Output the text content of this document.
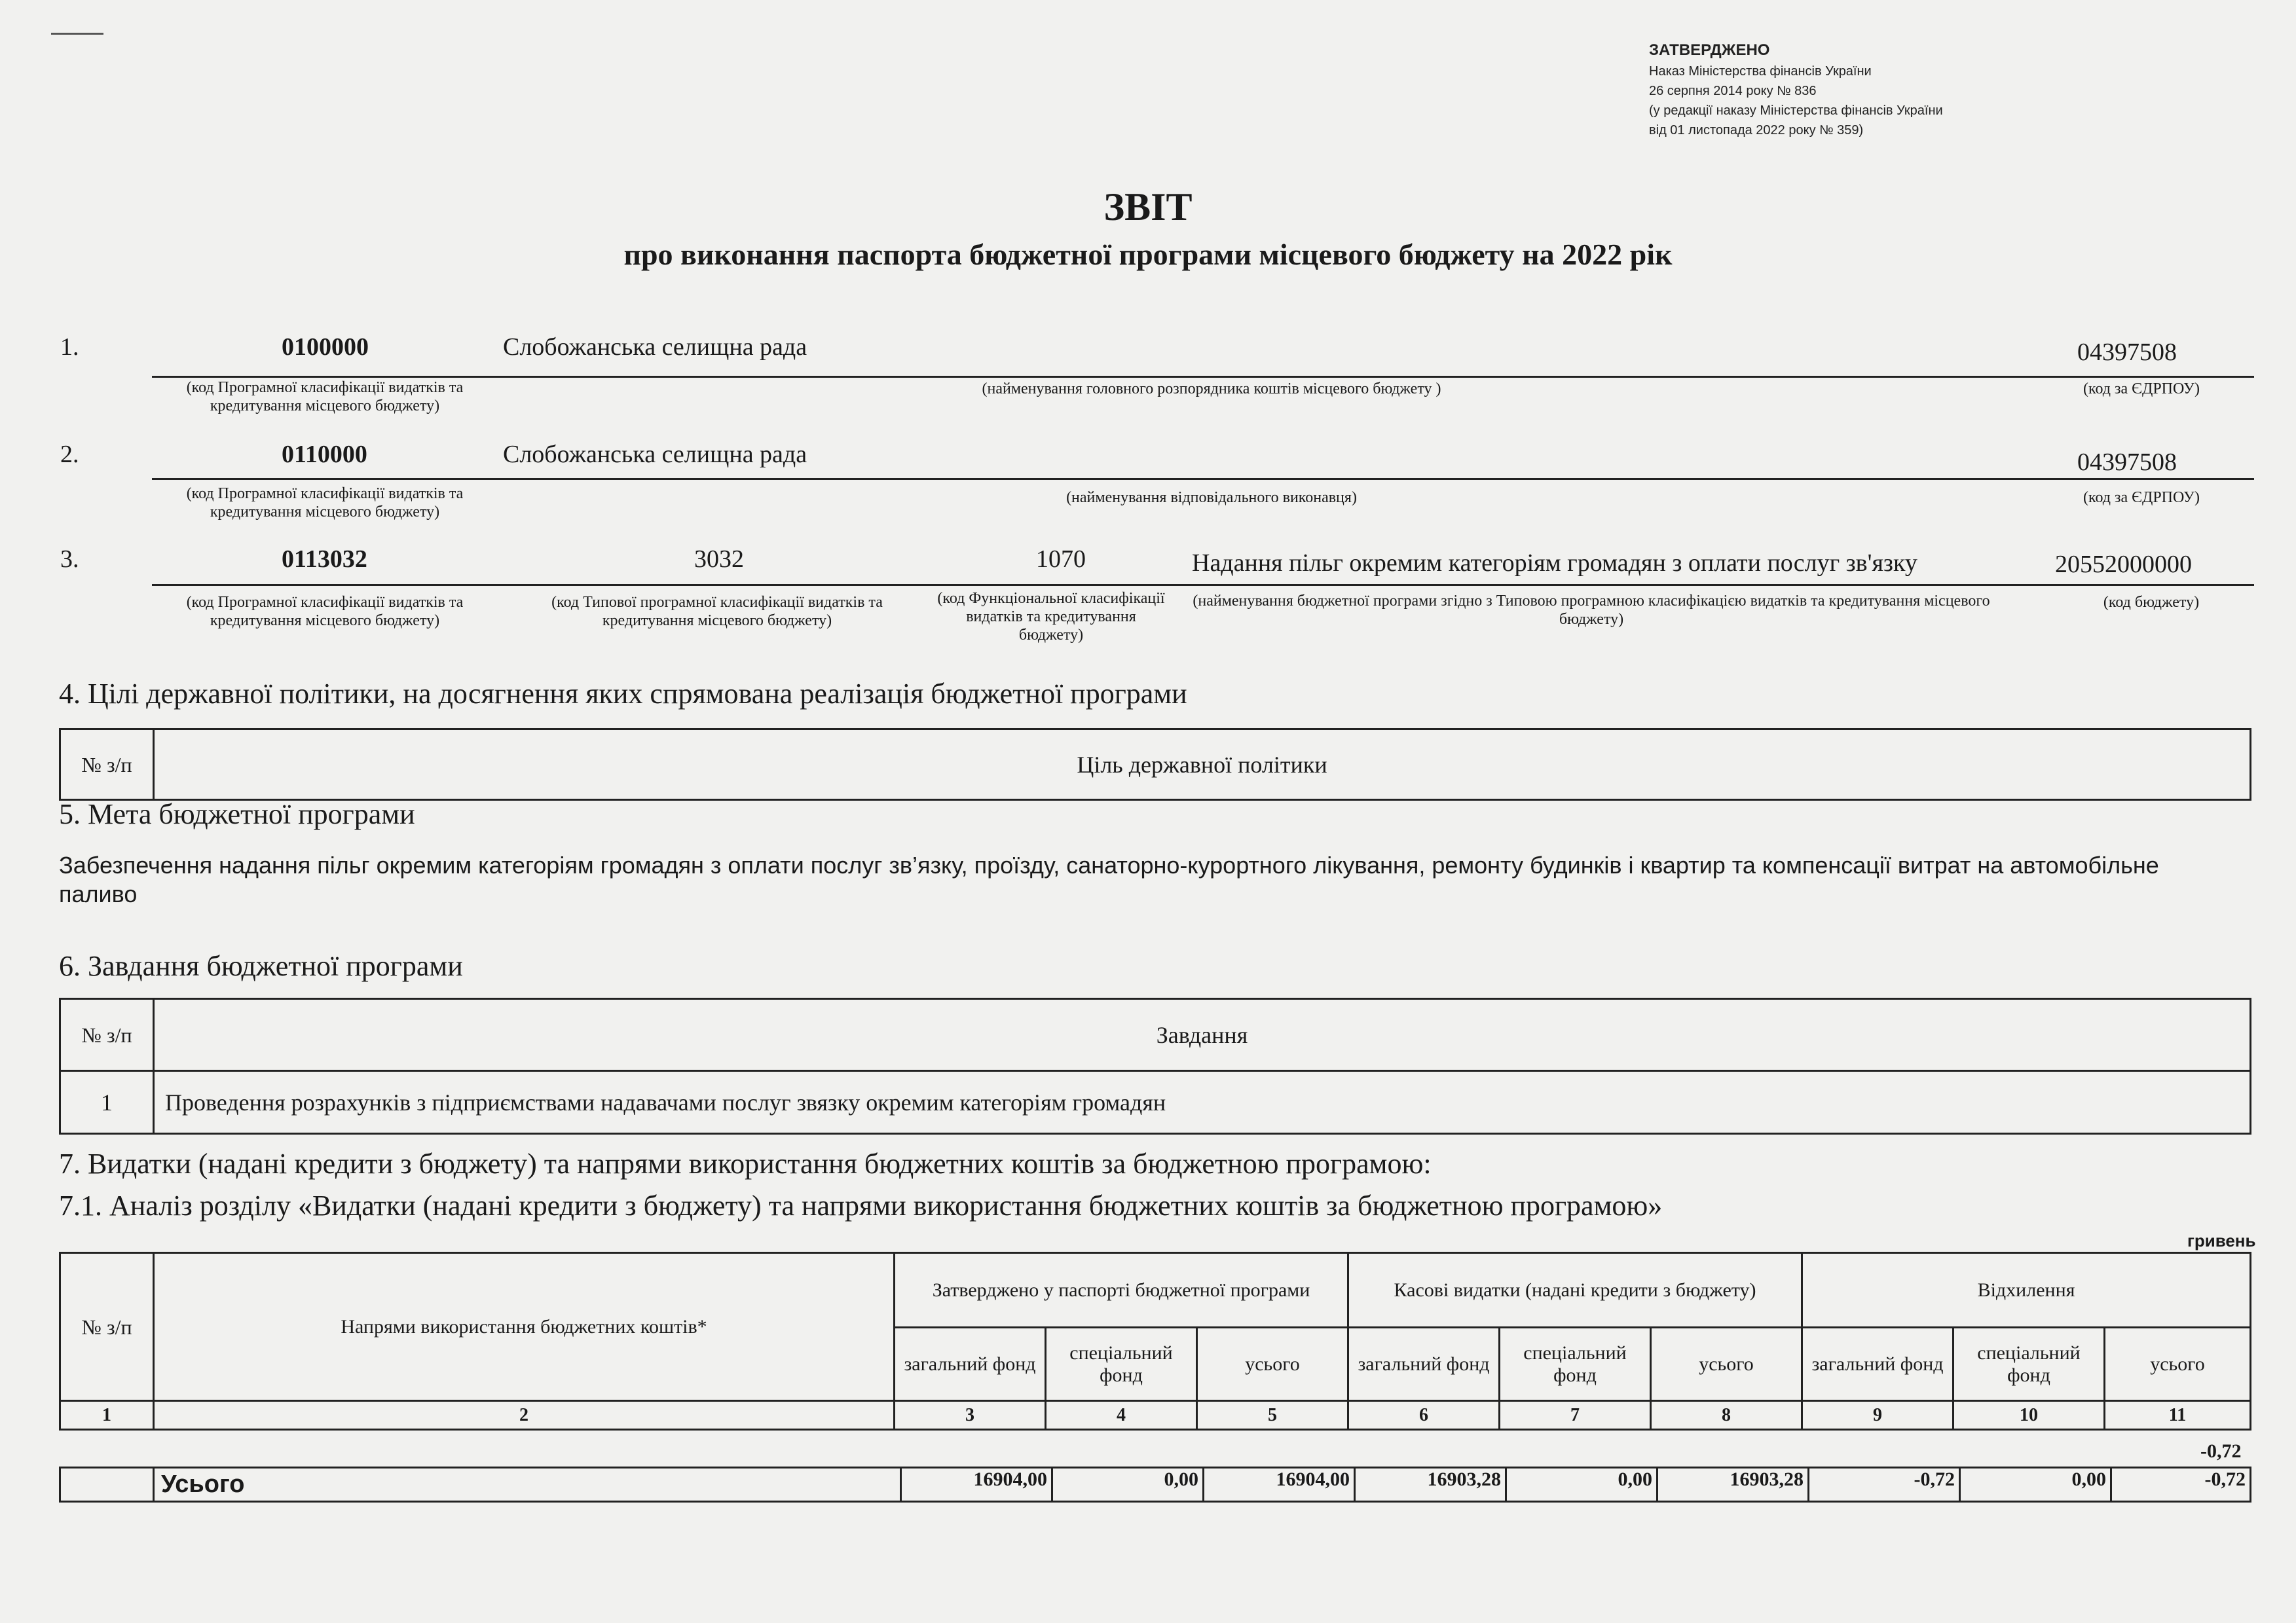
ЗАТВЕРДЖЕНО
Наказ Міністерства фінансів України
26 серпня 2014 року № 836
(у редакції наказу Міністерства фінансів України
від 01 листопада 2022 року № 359)
ЗВІТ
про виконання паспорта бюджетної програми місцевого бюджету на 2022 рік
1.	0100000	Слобожанська селищна рада	04397508
(код Програмної класифікації видатків та кредитування місцевого бюджету)
(найменування головного розпорядника коштів місцевого бюджету )	(код за ЄДРПОУ)
2.	0110000	Слобожанська селищна рада	04397508
(код Програмної класифікації видатків та кредитування місцевого бюджету)
(найменування відповідального виконавця)	(код за ЄДРПОУ)
3.	0113032	3032	1070	Надання пільг окремим категоріям громадян з оплати послуг зв'язку	20552000000
(код Програмної класифікації видатків та кредитування місцевого бюджету)
(код Типової програмної класифікації видатків та кредитування місцевого бюджету)
(код Функціональної класифікації видатків та кредитування бюджету)
(найменування бюджетної програми згідно з Типовою програмною класифікацією видатків та кредитування місцевого бюджету)
(код бюджету)
4. Цілі державної політики, на досягнення яких спрямована реалізація бюджетної програми
№ з/п	Ціль державної політики
5. Мета бюджетної програми
Забезпечення надання пільг окремим категоріям громадян з оплати послуг зв’язку, проїзду, санаторно-курортного лікування, ремонту будинків і квартир та компенсації витрат на автомобільне паливо
6. Завдання бюджетної програми
№ з/п	Завдання
1	Проведення розрахунків з підприємствами надавачами послуг звязку окремим категоріям громадян
7. Видатки (надані кредити з бюджету) та напрями використання бюджетних коштів за бюджетною програмою:
7.1. Аналіз розділу «Видатки (надані кредити з бюджету) та напрями використання бюджетних коштів за бюджетною програмою»
гривень
№ з/п	Напрями використання бюджетних коштів*	Затверджено у паспорті бюджетної програми			Касові видатки (надані кредити з бюджету)			Відхилення		
		загальний фонд	спеціальний фонд	усього	загальний фонд	спеціальний фонд	усього	загальний фонд	спеціальний фонд	усього
1	2	3	4	5	6	7	8	9	10	11
-0,72
	Усього	16904,00	0,00	16904,00	16903,28	0,00	16903,28	-0,72	0,00	-0,72
